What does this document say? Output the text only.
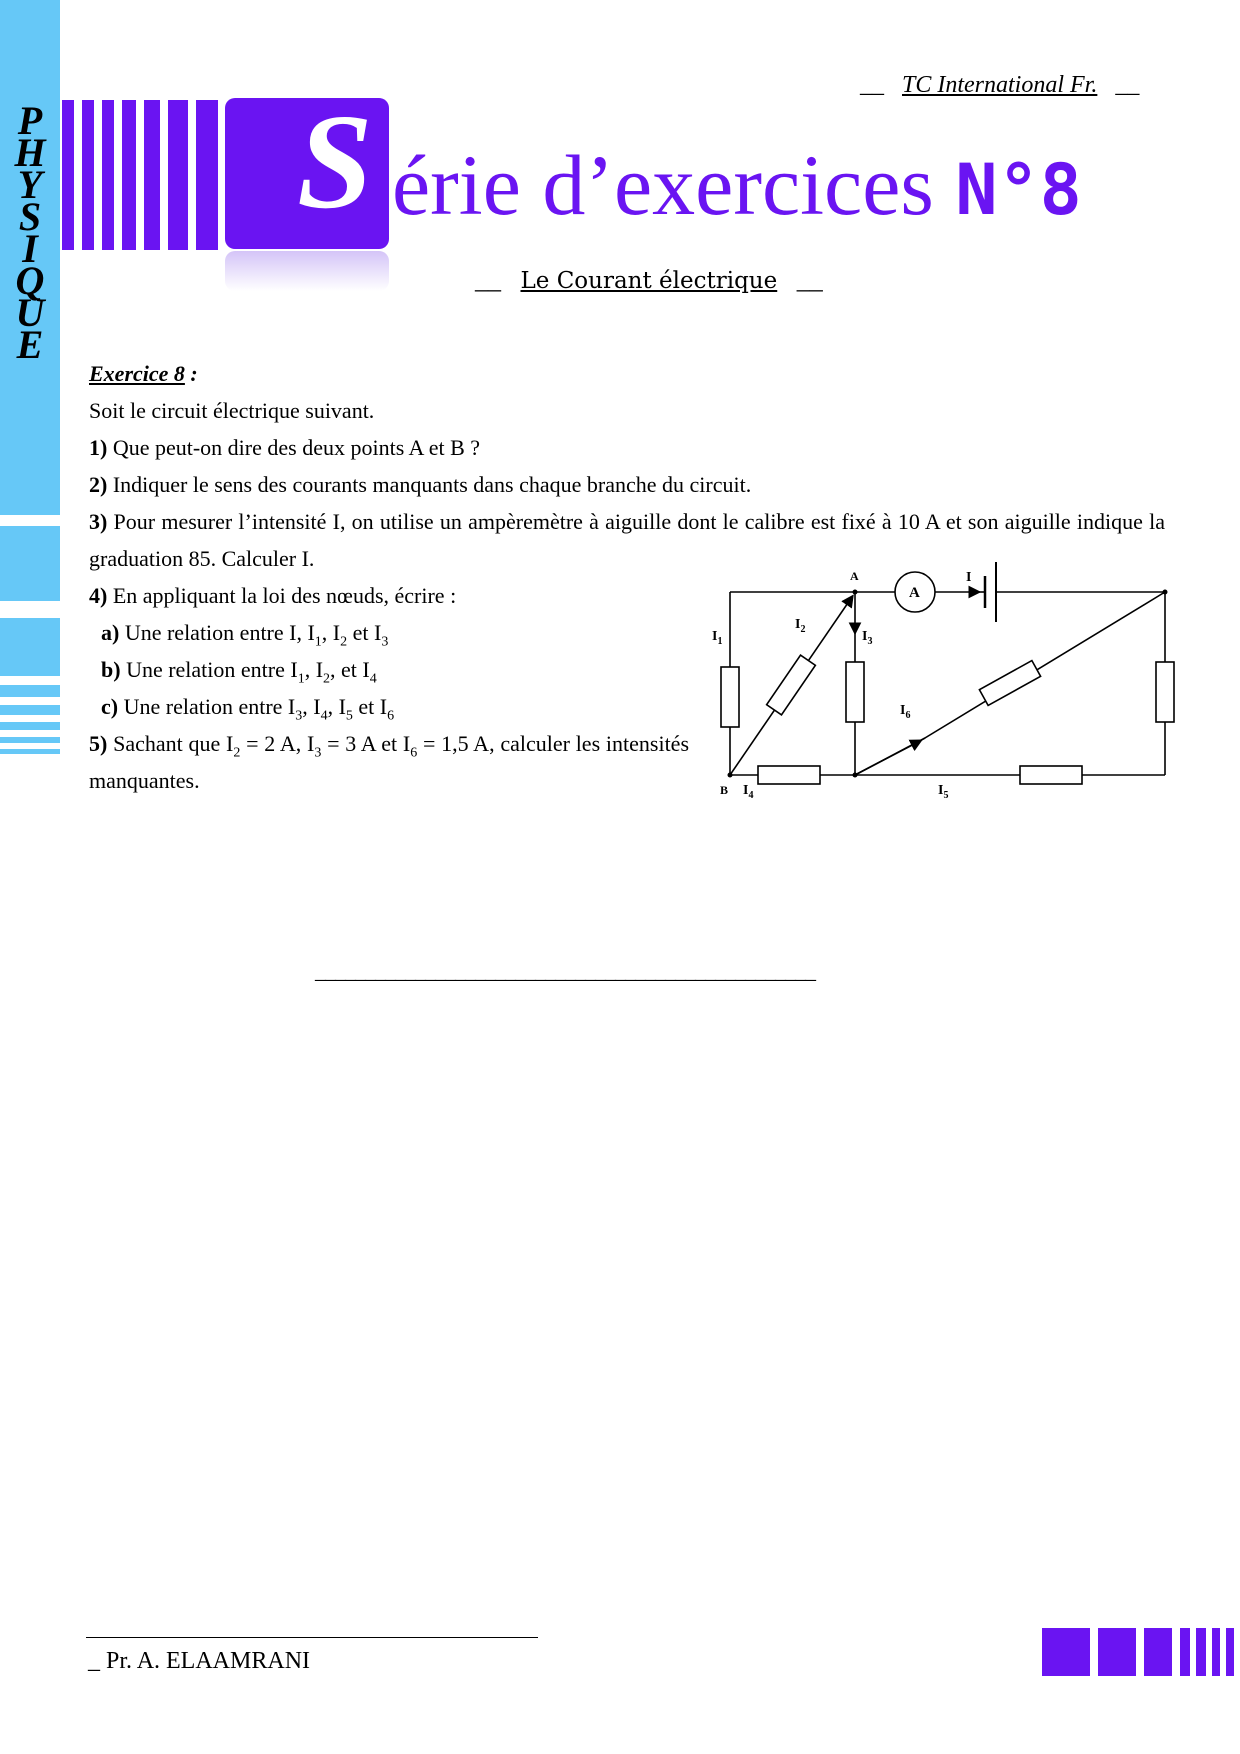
P
H
Y
S
I
Q
U
E
__ TC International Fr. __
S érie d’exercices N°8
__ Le Courant électrique __

Exercice 8 :

Soit le circuit électrique suivant.

1) Que peut-on dire des deux points A et B ?

2) Indiquer le sens des courants manquants dans chaque branche du circuit.

3) Pour mesurer l’intensité I, on utilise un ampèremètre à aiguille dont le calibre est fixé à 10 A et son aiguille indique la graduation 85. Calculer I.

4) En appliquant la loi des nœuds, écrire :

a) Une relation entre I, $I_1$, $I_2$ et $I_3$

b) Une relation entre $I_1$, $I_2$, et $I_4$

c) Une relation entre $I_3$, $I_4$, $I_5$ et $I_6$

5) Sachant que $I_2 = 2$ A, $I_3 = 3$ A et $I_6 = 1,5$ A, calculer les intensités manquantes.

A
B
A
I
$I_1$
$I_2$	$I_3$
$I_4$	$I_5$
$I_6$
__________________________________________________
_ Pr. A. ELAAMRANI
